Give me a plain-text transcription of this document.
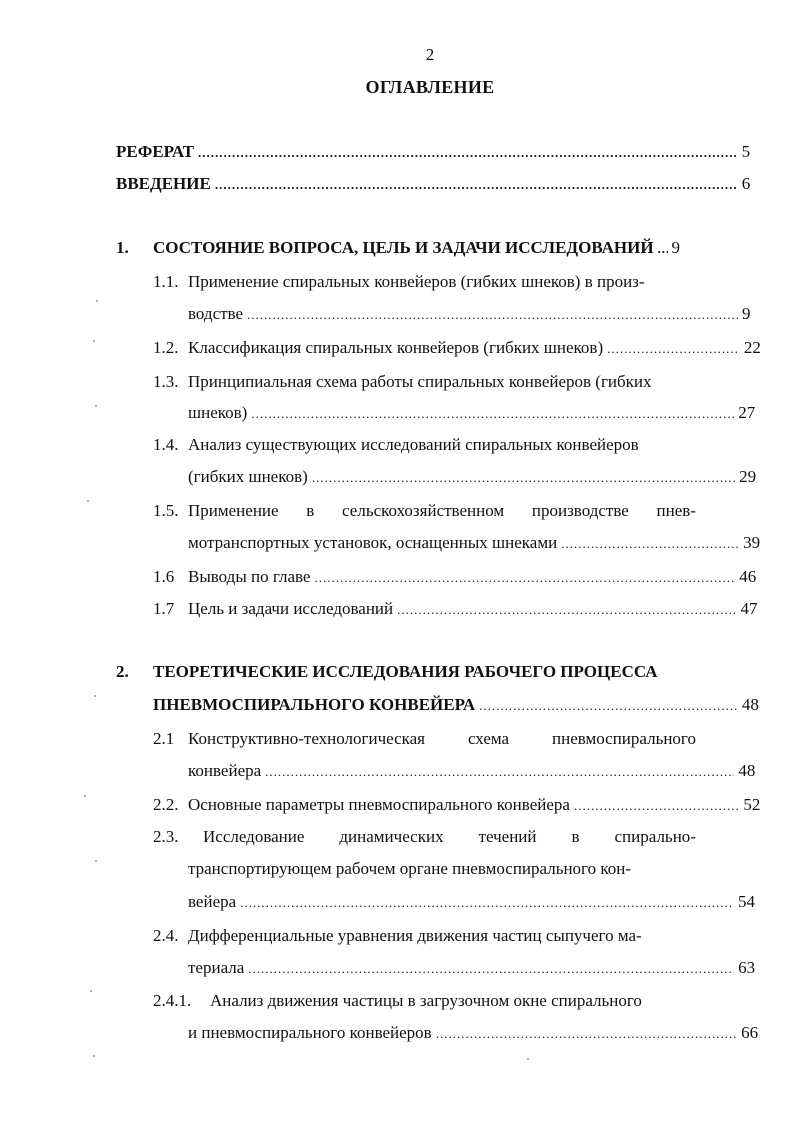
2
ОГЛАВЛЕНИЕ
РЕФЕРАТ .....	5
ВВЕДЕНИЕ .....	6
1. СОСТОЯНИЕ ВОПРОСА, ЦЕЛЬ И ЗАДАЧИ ИССЛЕДОВАНИЙ ..... 9
1.1. Применение спиральных конвейеров (гибких шнеков) в произ-
водстве .....	9
1.2. Классификация спиральных конвейеров (гибких шнеков) .....	22
1.3. Принципиальная схема работы спиральных конвейеров (гибких
шнеков) .....	27
1.4. Анализ существующих исследований спиральных конвейеров
(гибких шнеков) .....	29
1.5. Применение в сельскохозяйственном производстве пнев-
мотранспортных установок, оснащенных шнеками .....	39
1.6 Выводы по главе .....	46
1.7 Цель и задачи исследований .....	47
2. ТЕОРЕТИЧЕСКИЕ ИССЛЕДОВАНИЯ РАБОЧЕГО ПРОЦЕССА
ПНЕВМОСПИРАЛЬНОГО КОНВЕЙЕРА .....	48
2.1 Конструктивно-технологическая	схема	пневмоспирального
конвейера .....	48
2.2. Основные параметры пневмоспирального конвейера .....	52
2.3. Исследование динамических течений в спирально-
транспортирующем рабочем органе пневмоспирального кон-
вейера .....	54
2.4. Дифференциальные уравнения движения частиц сыпучего ма-
териала .....	63
2.4.1. Анализ движения частицы в загрузочном окне спирального
и пневмоспирального конвейеров .....	66
